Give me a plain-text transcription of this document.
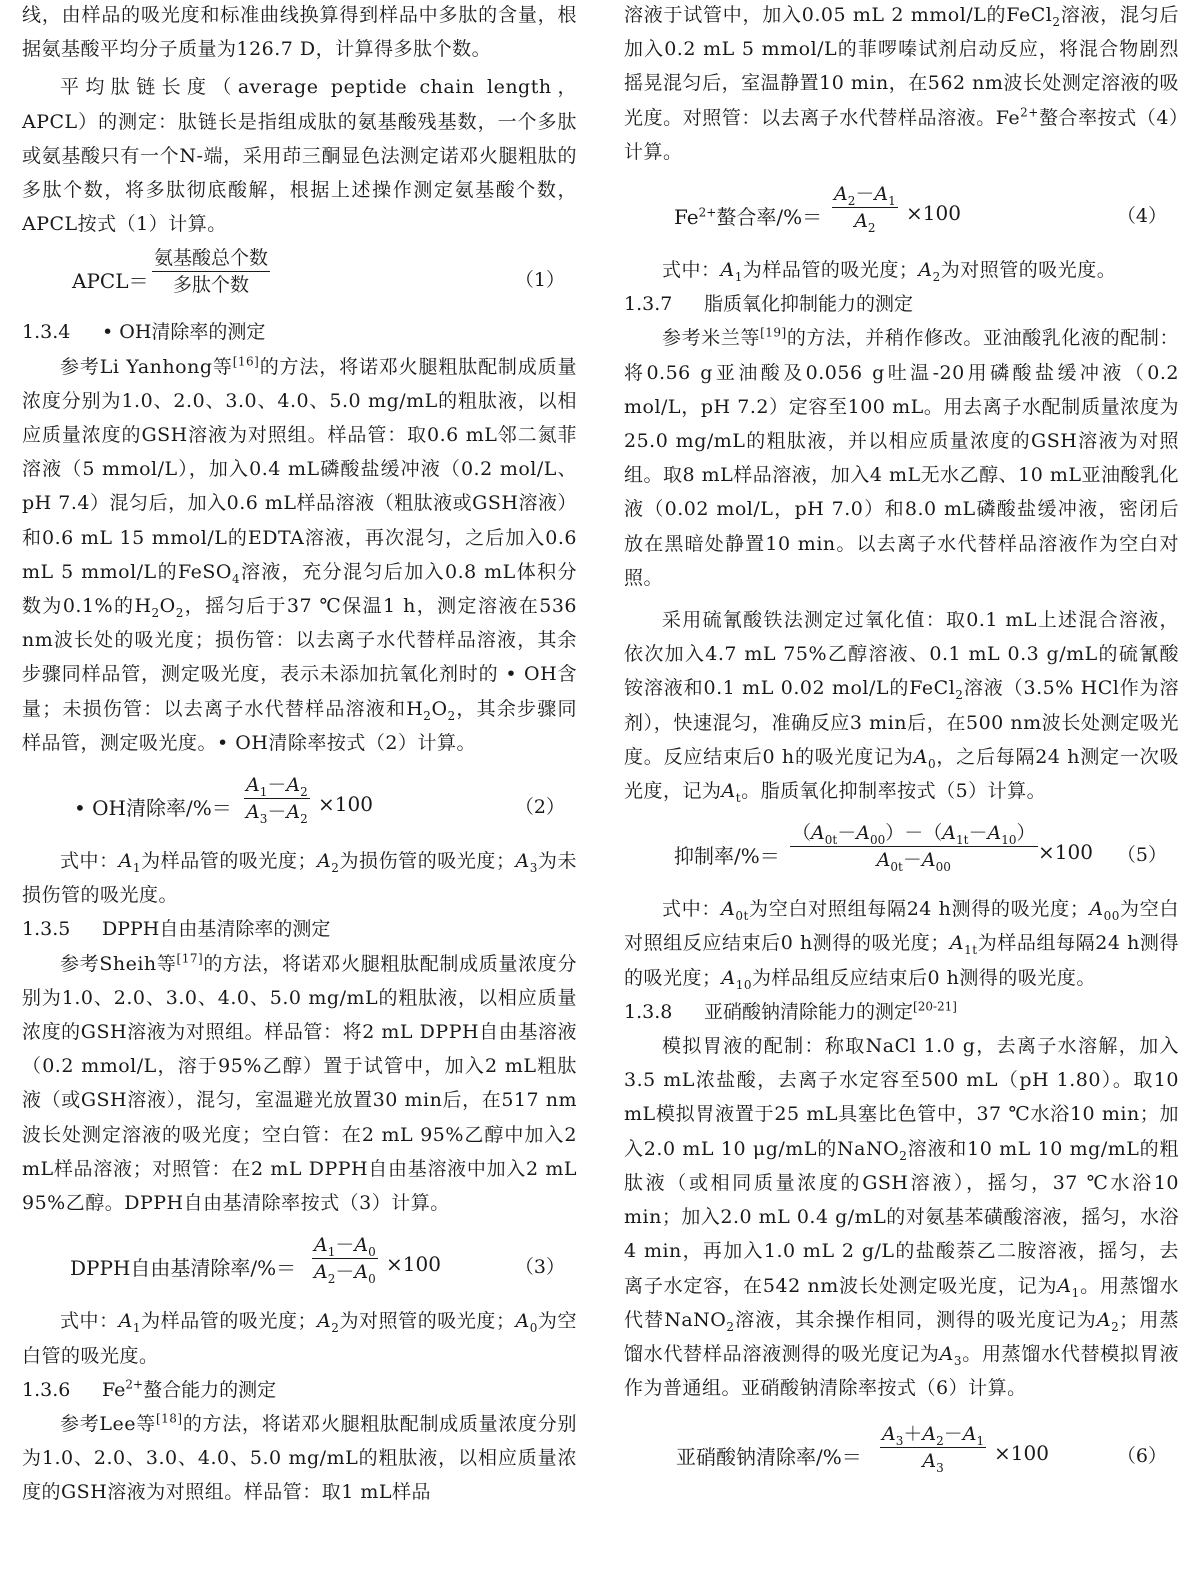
线，由样品的吸光度和标准曲线换算得到样品中多肽的含量，根据氨基酸平均分子质量为126.7 D，计算得多肽个数。

平均肽链长度（average peptide chain length，APCL）的测定：肽链长是指组成肽的氨基酸残基数，一个多肽或氨基酸只有一个N-端，采用茚三酮显色法测定诺邓火腿粗肽的多肽个数，将多肽彻底酸解，根据上述操作测定氨基酸个数，APCL按式（1）计算。

APCL＝
氨基酸总个数
多肽个数	（1）

1.3.4 • OH清除率的测定

参考Li Yanhong等[16]的方法，将诺邓火腿粗肽配制成质量浓度分别为1.0、2.0、3.0、4.0、5.0 mg/mL的粗肽液，以相应质量浓度的GSH溶液为对照组。样品管：取0.6 mL邻二氮菲溶液（5 mmol/L），加入0.4 mL磷酸盐缓冲液（0.2 mol/L、pH 7.4）混匀后，加入0.6 mL样品溶液（粗肽液或GSH溶液）和0.6 mL 15 mmol/L的EDTA溶液，再次混匀，之后加入0.6 mL 5 mmol/L的FeSO$_4$溶液，充分混匀后加入0.8 mL体积分数为0.1%的$H_2O_2$，摇匀后于37 ℃保温1 h，测定溶液在536 nm波长处的吸光度；损伤管：以去离子水代替样品溶液，其余步骤同样品管，测定吸光度，表示未添加抗氧化剂时的 • OH含量；未损伤管：以去离子水代替样品溶液和$H_2O_2$，其余步骤同样品管，测定吸光度。• OH清除率按式（2）计算。

• OH清除率/%＝
$A_1-A_2$
$A_3-A_2$
×100	（2）

式中：$A_1$为样品管的吸光度；$A_2$为损伤管的吸光度；$A_3$为未损伤管的吸光度。

1.3.5 DPPH自由基清除率的测定

参考Sheih等[17]的方法，将诺邓火腿粗肽配制成质量浓度分别为1.0、2.0、3.0、4.0、5.0 mg/mL的粗肽液，以相应质量浓度的GSH溶液为对照组。样品管：将2 mL DPPH自由基溶液（0.2 mmol/L，溶于95%乙醇）置于试管中，加入2 mL粗肽液（或GSH溶液），混匀，室温避光放置30 min后，在517 nm波长处测定溶液的吸光度；空白管：在2 mL 95%乙醇中加入2 mL样品溶液；对照管：在2 mL DPPH自由基溶液中加入2 mL 95%乙醇。DPPH自由基清除率按式（3）计算。

DPPH自由基清除率/%＝
$A_1-A_0$
$A_2-A_0$
×100	（3）

式中：$A_1$为样品管的吸光度；$A_2$为对照管的吸光度；$A_0$为空白管的吸光度。

1.3.6 $Fe^{2+}$螯合能力的测定

参考Lee等[18]的方法，将诺邓火腿粗肽配制成质量浓度分别为1.0、2.0、3.0、4.0、5.0 mg/mL的粗肽液，以相应质量浓度的GSH溶液为对照组。样品管：取1 mL样品

溶液于试管中，加入0.05 mL 2 mmol/L的FeCl$_2$溶液，混匀后加入0.2 mL 5 mmol/L的菲啰嗪试剂启动反应，将混合物剧烈摇晃混匀后，室温静置10 min，在562 nm波长处测定溶液的吸光度。对照管：以去离子水代替样品溶液。$Fe^{2+}$螯合率按式（4）计算。

$Fe^{2+}$螯合率/%＝
$A_2-A_1$
$A_2$
×100	（4）

式中：$A_1$为样品管的吸光度；$A_2$为对照管的吸光度。

1.3.7 脂质氧化抑制能力的测定

参考米兰等[19]的方法，并稍作修改。亚油酸乳化液的配制：将0.56 g亚油酸及0.056 g吐温-20用磷酸盐缓冲液（0.2 mol/L，pH 7.2）定容至100 mL。用去离子水配制质量浓度为25.0 mg/mL的粗肽液，并以相应质量浓度的GSH溶液为对照组。取8 mL样品溶液，加入4 mL无水乙醇、10 mL亚油酸乳化液（0.02 mol/L，pH 7.0）和8.0 mL磷酸盐缓冲液，密闭后放在黑暗处静置10 min。以去离子水代替样品溶液作为空白对照。

采用硫氰酸铁法测定过氧化值：取0.1 mL上述混合溶液，依次加入4.7 mL 75%乙醇溶液、0.1 mL 0.3 g/mL的硫氰酸铵溶液和0.1 mL 0.02 mol/L的FeCl$_2$溶液（3.5% HCl作为溶剂），快速混匀，准确反应3 min后，在500 nm波长处测定吸光度。反应结束后0 h的吸光度记为$A_0$，之后每隔24 h测定一次吸光度，记为$A_t$。脂质氧化抑制率按式（5）计算。

抑制率/%＝
$(A_{0t}-A_{00})-(A_{1t}-A_{10})$
$A_{0t}-A_{00}$
×100 （5）

式中：$A_{0t}$为空白对照组每隔24 h测得的吸光度；$A_{00}$为空白对照组反应结束后0 h测得的吸光度；$A_{1t}$为样品组每隔24 h测得的吸光度；$A_{10}$为样品组反应结束后0 h测得的吸光度。

1.3.8 亚硝酸钠清除能力的测定[20-21]

模拟胃液的配制：称取NaCl 1.0 g，去离子水溶解，加入3.5 mL浓盐酸，去离子水定容至500 mL（pH 1.80）。取10 mL模拟胃液置于25 mL具塞比色管中，37 ℃水浴10 min；加入2.0 mL 10 μg/mL的NaNO$_2$溶液和10 mL 10 mg/mL的粗肽液（或相同质量浓度的GSH溶液），摇匀，37 ℃水浴10 min；加入2.0 mL 0.4 g/mL的对氨基苯磺酸溶液，摇匀，水浴4 min，再加入1.0 mL 2 g/L的盐酸萘乙二胺溶液，摇匀，去离子水定容，在542 nm波长处测定吸光度，记为$A_1$。用蒸馏水代替NaNO$_2$溶液，其余操作相同，测得的吸光度记为$A_2$；用蒸馏水代替样品溶液测得的吸光度记为$A_3$。用蒸馏水代替模拟胃液作为普通组。亚硝酸钠清除率按式（6）计算。

亚硝酸钠清除率/%＝
$A_3+A_2-A_1$
$A_3$
×100	（6）
